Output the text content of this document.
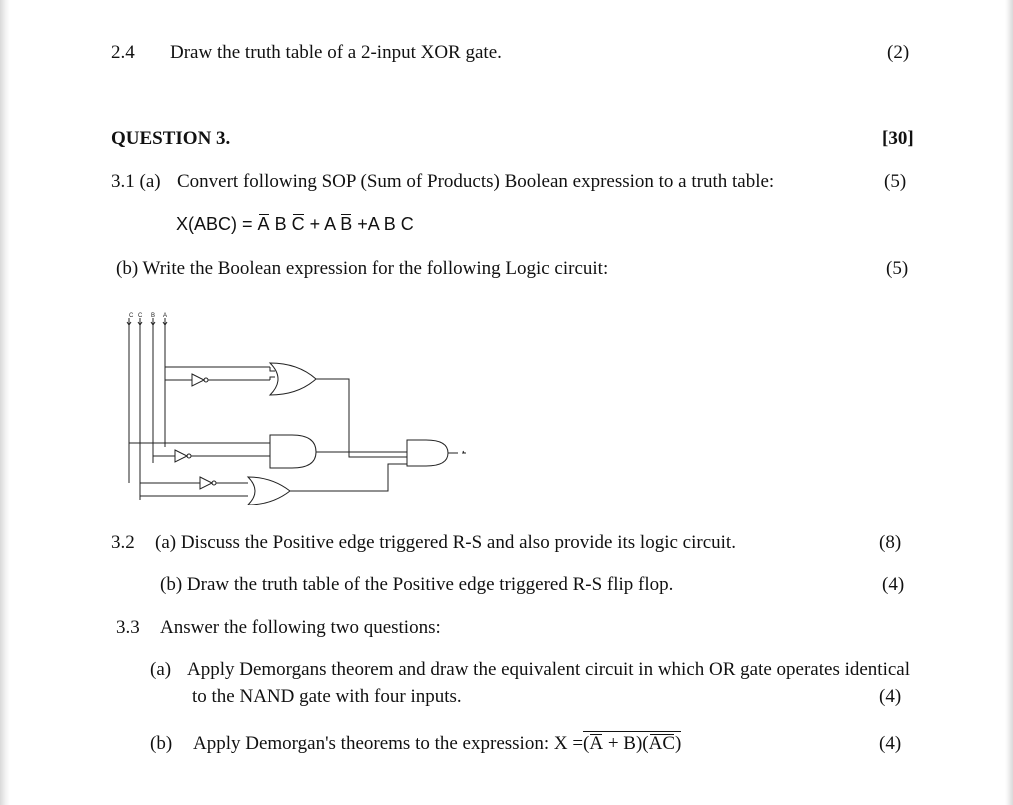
2.4 Draw the truth table of a 2-input XOR gate.	(2)
QUESTION 3.	[30]
3.1 (a) Convert following SOP (Sum of Products) Boolean expression to a truth table:	(5)
X(ABC) = A B C + A B +A B C
(b) Write the Boolean expression for the following Logic circuit:	(5)
C C B A
3.2 (a) Discuss the Positive edge triggered R-S and also provide its logic circuit.	(8)
(b) Draw the truth table of the Positive edge triggered R-S flip flop.	(4)
3.3 Answer the following two questions:
(a) Apply Demorgans theorem and draw the equivalent circuit in which OR gate operates identical
to the NAND gate with four inputs.	(4)
(b) Apply Demorgan's theorems to the expression: X =(A + B)(AC)	(4)
